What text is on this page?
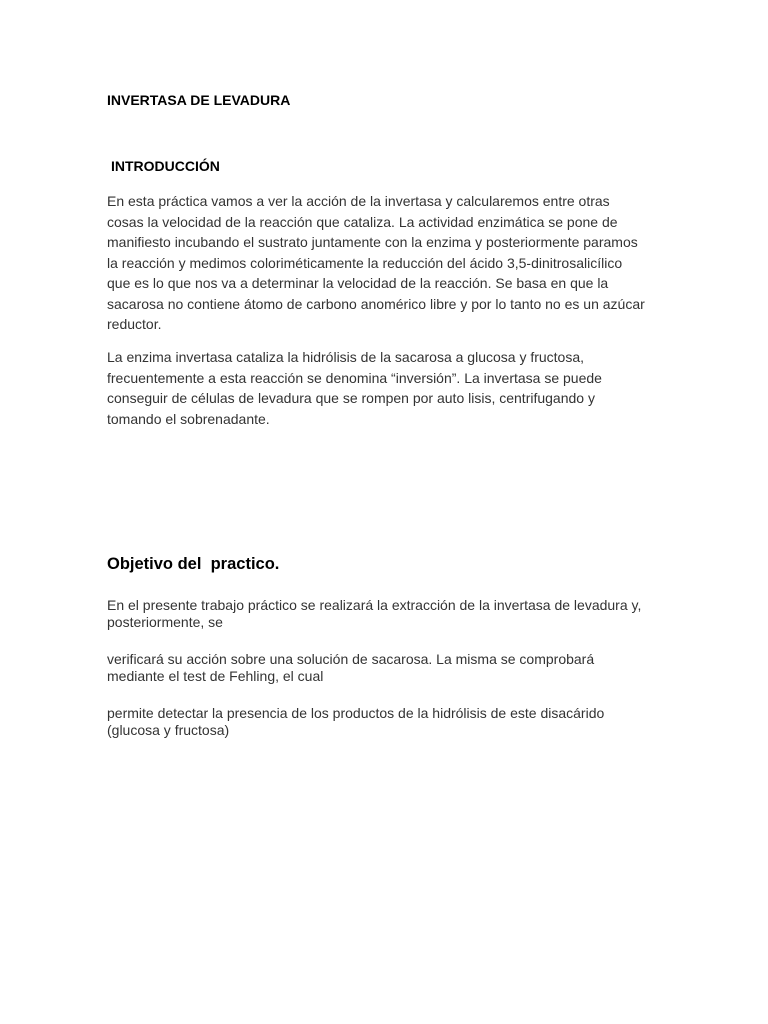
INVERTASA DE LEVADURA
INTRODUCCIÓN

En esta práctica vamos a ver la acción de la invertasa y calcularemos entre otras cosas la velocidad de la reacción que cataliza. La actividad enzimática se pone de manifiesto incubando el sustrato juntamente con la enzima y posteriormente paramos la reacción y medimos coloriméticamente la reducción del ácido 3,5-dinitrosalicílico que es lo que nos va a determinar la velocidad de la reacción. Se basa en que la sacarosa no contiene átomo de carbono anomérico libre y por lo tanto no es un azúcar reductor.

La enzima invertasa cataliza la hidrólisis de la sacarosa a glucosa y fructosa, frecuentemente a esta reacción se denomina “inversión”. La invertasa se puede conseguir de células de levadura que se rompen por auto lisis, centrifugando y tomando el sobrenadante.

Objetivo del  practico.

En el presente trabajo práctico se realizará la extracción de la invertasa de levadura y, posteriormente, se

verificará su acción sobre una solución de sacarosa. La misma se comprobará mediante el test de Fehling, el cual

permite detectar la presencia de los productos de la hidrólisis de este disacárido (glucosa y fructosa)
